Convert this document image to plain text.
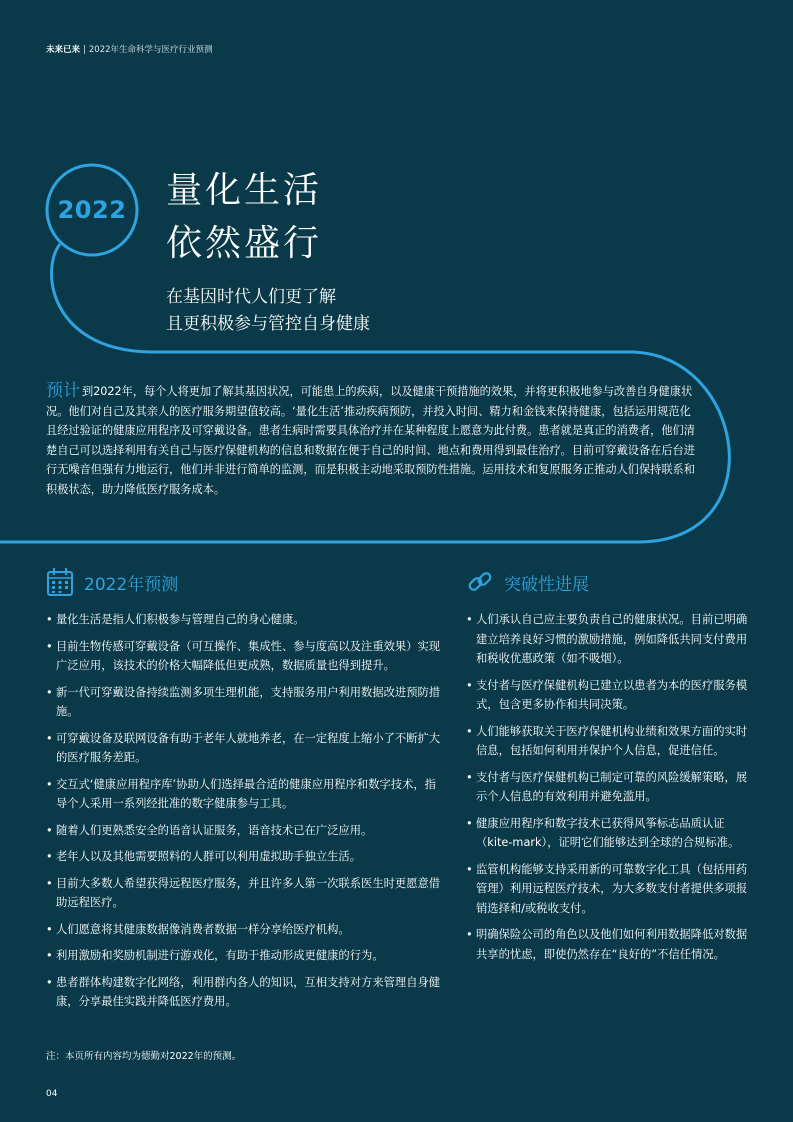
未来已来 | 2022年生命科学与医疗行业预测
2022 量化生活
依然盛行
在基因时代人们更了解
且更积极参与管控自身健康
预计 到2022年，每个人将更加了解其基因状况，可能患上的疾病，以及健康干预措施的效果，并将更积极地参与改善自身健康状况。他们对自己及其亲人的医疗服务期望值较高。‘量化生活’推动疾病预防，并投入时间、精力和金钱来保持健康，包括运用规范化且经过验证的健康应用程序及可穿戴设备。患者生病时需要具体治疗并在某种程度上愿意为此付费。患者就是真正的消费者，他们清楚自己可以选择利用有关自己与医疗保健机构的信息和数据在便于自己的时间、地点和费用得到最佳治疗。目前可穿戴设备在后台进行无噪音但强有力地运行，他们并非进行简单的监测，而是积极主动地采取预防性措施。运用技术和复原服务正推动人们保持联系和积极状态，助力降低医疗服务成本。
2022年预测
• 量化生活是指人们积极参与管理自己的身心健康。
• 目前生物传感可穿戴设备（可互操作、集成性、参与度高以及注重效果）实现广泛应用，该技术的价格大幅降低但更成熟，数据质量也得到提升。
• 新一代可穿戴设备持续监测多项生理机能，支持服务用户利用数据改进预防措施。
• 可穿戴设备及联网设备有助于老年人就地养老，在一定程度上缩小了不断扩大的医疗服务差距。
• 交互式‘健康应用程序库’协助人们选择最合适的健康应用程序和数字技术，指导个人采用一系列经批准的数字健康参与工具。
• 随着人们更熟悉安全的语音认证服务，语音技术已在广泛应用。
• 老年人以及其他需要照料的人群可以利用虚拟助手独立生活。
• 目前大多数人希望获得远程医疗服务，并且许多人第一次联系医生时更愿意借助远程医疗。
• 人们愿意将其健康数据像消费者数据一样分享给医疗机构。
• 利用激励和奖励机制进行游戏化，有助于推动形成更健康的行为。
• 患者群体构建数字化网络，利用群内各人的知识，互相支持对方来管理自身健康，分享最佳实践并降低医疗费用。
突破性进展
• 人们承认自己应主要负责自己的健康状况。目前已明确建立培养良好习惯的激励措施，例如降低共同支付费用和税收优惠政策（如不吸烟）。
• 支付者与医疗保健机构已建立以患者为本的医疗服务模式，包含更多协作和共同决策。
• 人们能够获取关于医疗保健机构业绩和效果方面的实时信息，包括如何利用并保护个人信息，促进信任。
• 支付者与医疗保健机构已制定可靠的风险缓解策略，展示个人信息的有效利用并避免滥用。
• 健康应用程序和数字技术已获得风筝标志品质认证（kite-mark），证明它们能够达到全球的合规标准。
• 监管机构能够支持采用新的可靠数字化工具（包括用药管理）利用远程医疗技术，为大多数支付者提供多项报销选择和/或税收支付。
• 明确保险公司的角色以及他们如何利用数据降低对数据共享的忧虑，即使仍然存在“良好的”不信任情况。
注：本页所有内容均为德勤对2022年的预测。
04
